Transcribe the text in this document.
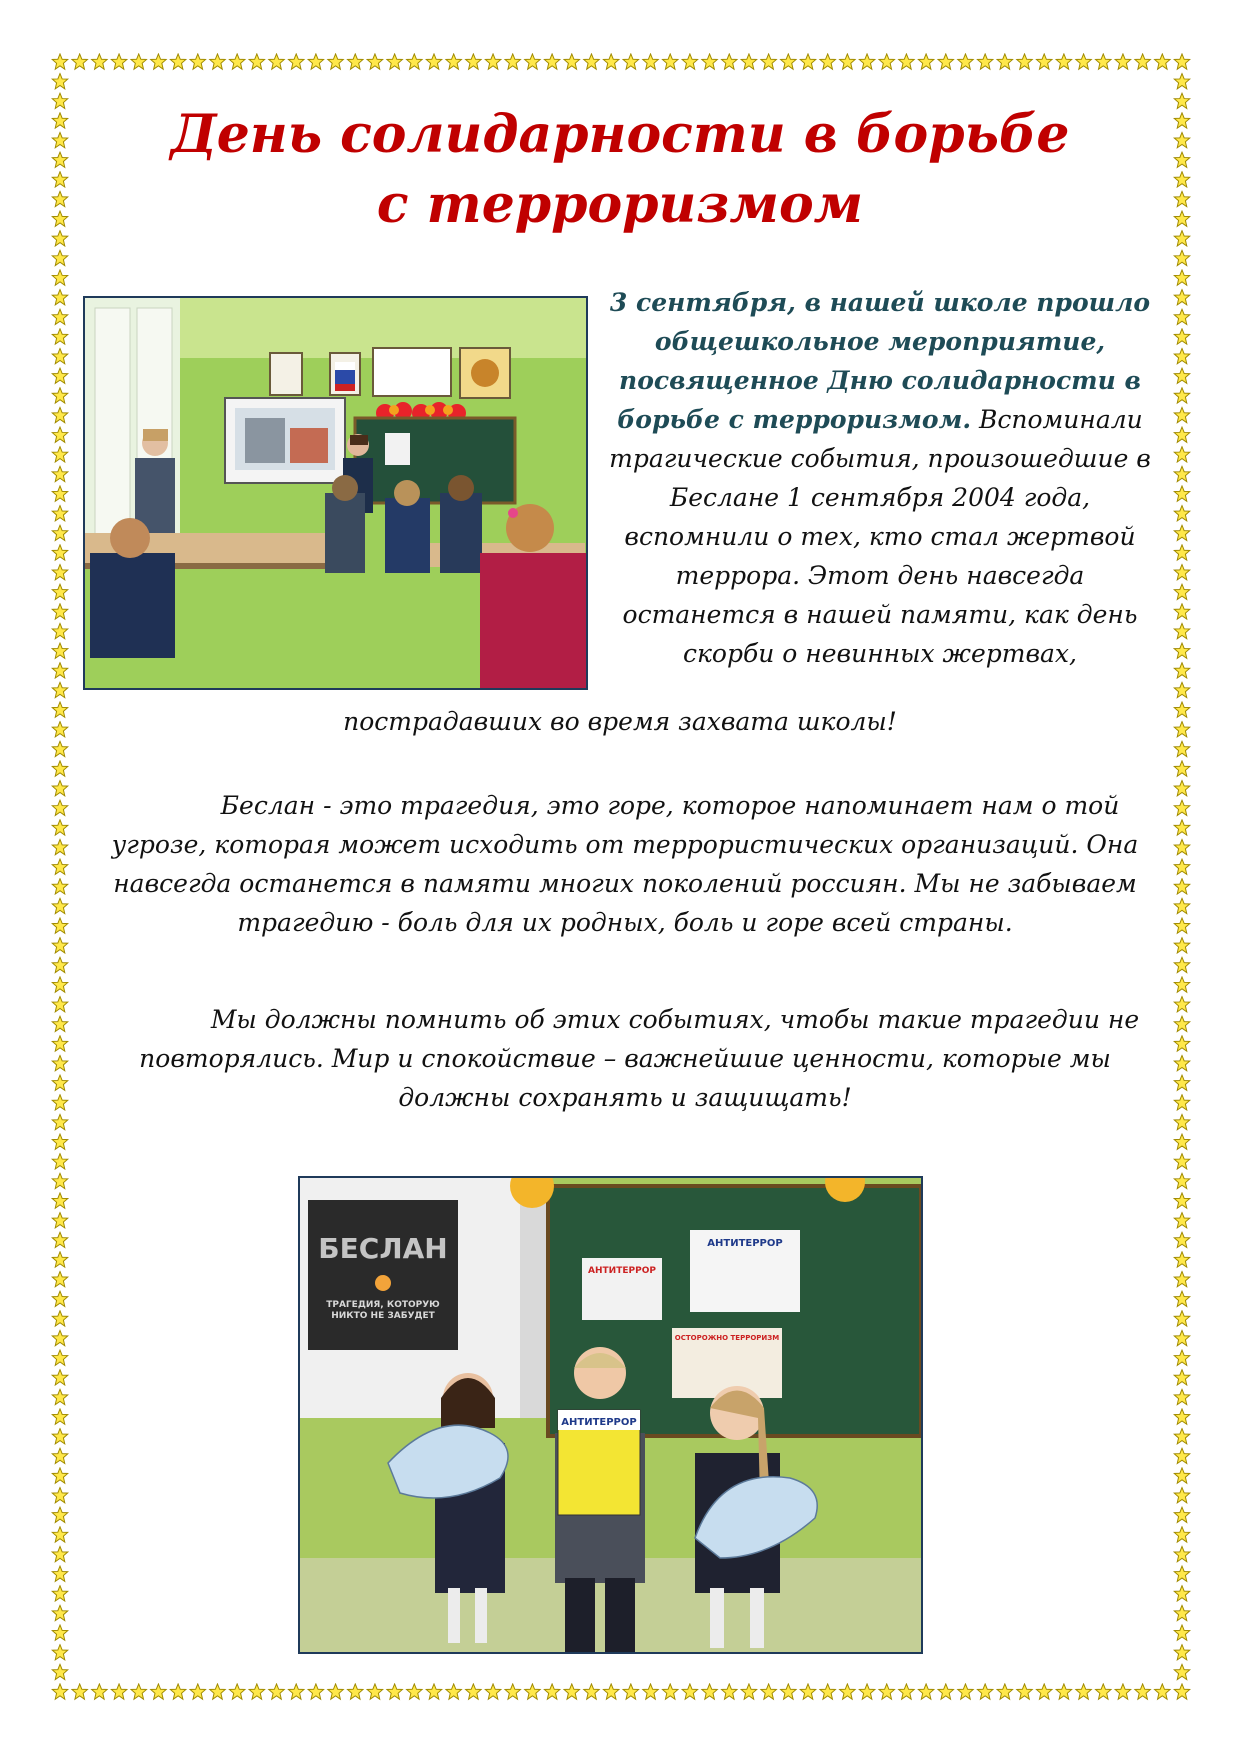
День солидарности в борьбе
с терроризмом
3 сентября, в нашей школе прошло общешкольное мероприятие, посвященное Дню солидарности в борьбе с терроризмом. Вспоминали трагические события, произошедшие в Беслане 1 сентября 2004 года, вспомнили о тех, кто стал жертвой террора. Этот день навсегда останется в нашей памяти, как день скорби о невинных жертвах,
пострадавших во время захвата школы!
Беслан - это трагедия, это горе, которое напоминает нам о той угрозе, которая может исходить от террористических организаций. Она навсегда останется в памяти многих поколений россиян. Мы не забываем трагедию - боль для их родных, боль и горе всей страны.
Мы должны помнить об этих событиях, чтобы такие трагедии не повторялись. Мир и спокойствие – важнейшие ценности, которые мы должны сохранять и защищать!
БЕСЛАН
ТРАГЕДИЯ, КОТОРУЮ НИКТО НЕ ЗАБУДЕТ
АНТИТЕРРОР
АНТИТЕРРОР
ОСТОРОЖНО ТЕРРОРИЗМ
АНТИТЕРРОР
